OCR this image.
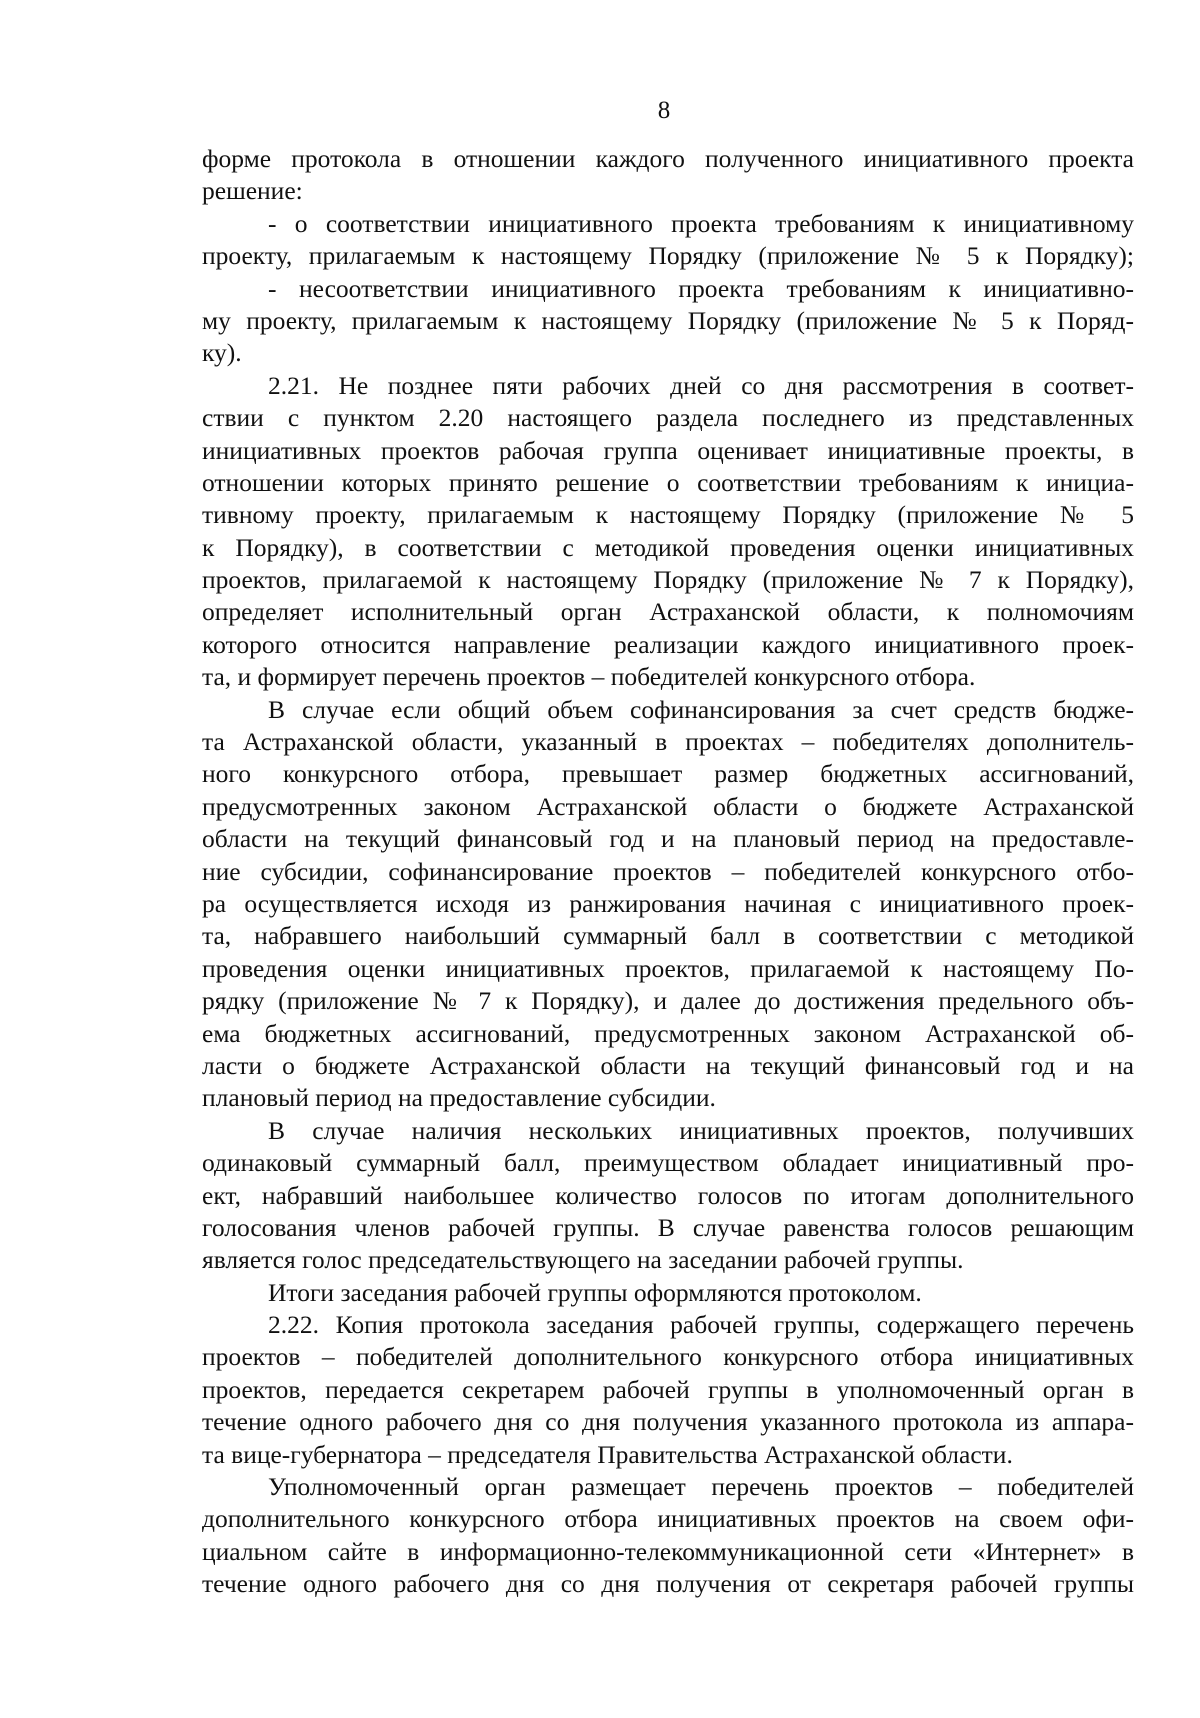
8
форме протокола в отношении каждого полученного инициативного проекта
решение:
- о соответствии инициативного проекта требованиям к инициативному
проекту, прилагаемым к настоящему Порядку (приложение № 5 к Порядку);
- несоответствии инициативного проекта требованиям к инициативно-
му проекту, прилагаемым к настоящему Порядку (приложение № 5 к Поряд-
ку).
2.21. Не позднее пяти рабочих дней со дня рассмотрения в соответ-
ствии с пунктом 2.20 настоящего раздела последнего из представленных
инициативных проектов рабочая группа оценивает инициативные проекты, в
отношении которых принято решение о соответствии требованиям к инициа-
тивному проекту, прилагаемым к настоящему Порядку (приложение № 5
к Порядку), в соответствии с методикой проведения оценки инициативных
проектов, прилагаемой к настоящему Порядку (приложение № 7 к Порядку),
определяет исполнительный орган Астраханской области, к полномочиям
которого относится направление реализации каждого инициативного проек-
та, и формирует перечень проектов – победителей конкурсного отбора.
В случае если общий объем софинансирования за счет средств бюдже-
та Астраханской области, указанный в проектах – победителях дополнитель-
ного конкурсного отбора, превышает размер бюджетных ассигнований,
предусмотренных законом Астраханской области о бюджете Астраханской
области на текущий финансовый год и на плановый период на предоставле-
ние субсидии, софинансирование проектов – победителей конкурсного отбо-
ра осуществляется исходя из ранжирования начиная с инициативного проек-
та, набравшего наибольший суммарный балл в соответствии с методикой
проведения оценки инициативных проектов, прилагаемой к настоящему По-
рядку (приложение № 7 к Порядку), и далее до достижения предельного объ-
ема бюджетных ассигнований, предусмотренных законом Астраханской об-
ласти о бюджете Астраханской области на текущий финансовый год и на
плановый период на предоставление субсидии.
В случае наличия нескольких инициативных проектов, получивших
одинаковый суммарный балл, преимуществом обладает инициативный про-
ект, набравший наибольшее количество голосов по итогам дополнительного
голосования членов рабочей группы. В случае равенства голосов решающим
является голос председательствующего на заседании рабочей группы.
Итоги заседания рабочей группы оформляются протоколом.
2.22. Копия протокола заседания рабочей группы, содержащего перечень
проектов – победителей дополнительного конкурсного отбора инициативных
проектов, передается секретарем рабочей группы в уполномоченный орган в
течение одного рабочего дня со дня получения указанного протокола из аппара-
та вице-губернатора – председателя Правительства Астраханской области.
Уполномоченный орган размещает перечень проектов – победителей
дополнительного конкурсного отбора инициативных проектов на своем офи-
циальном сайте в информационно-телекоммуникационной сети «Интернет» в
течение одного рабочего дня со дня получения от секретаря рабочей группы
